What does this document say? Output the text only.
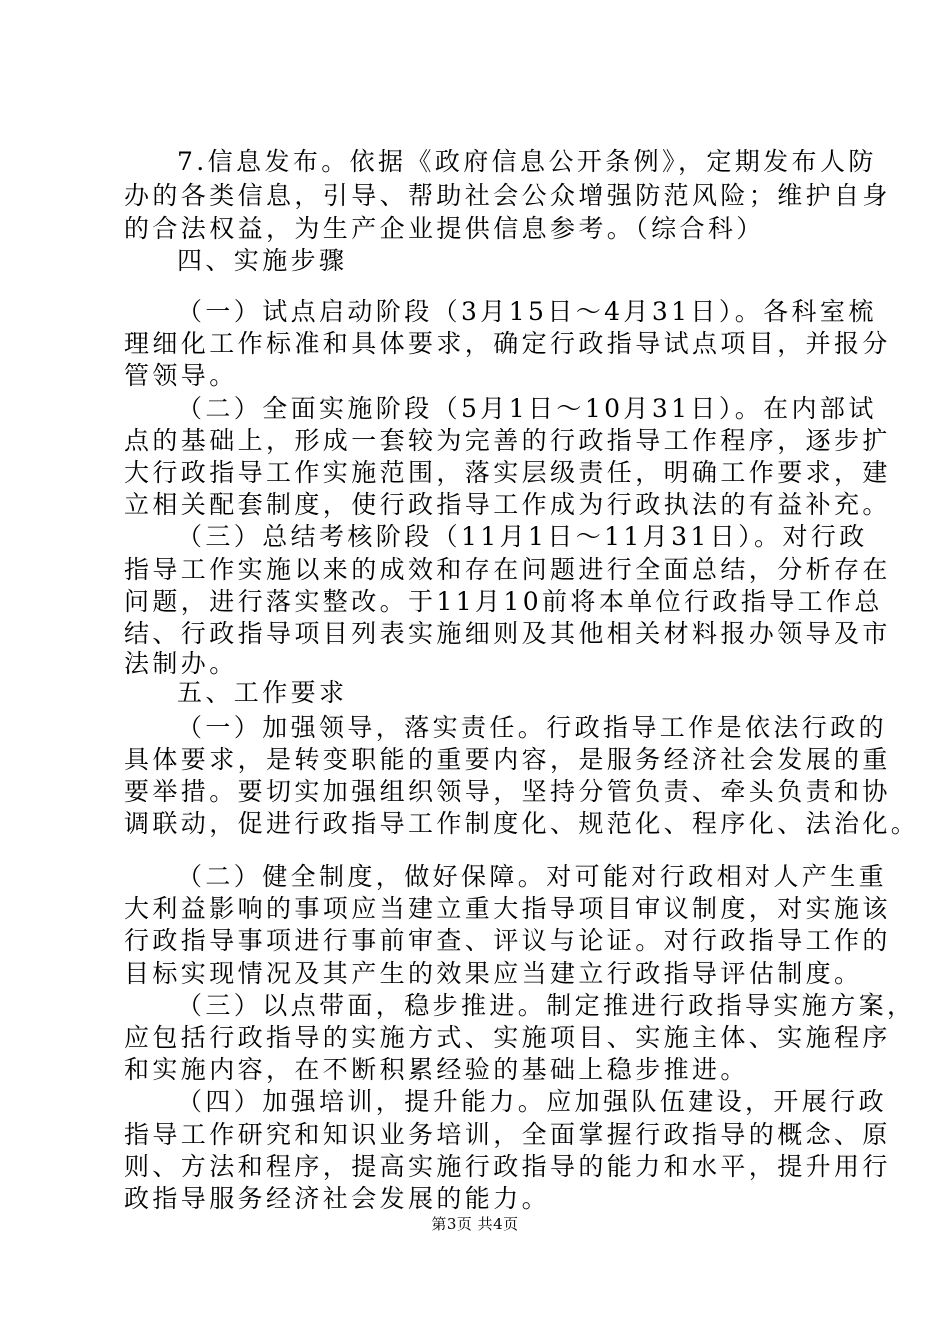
7.信息发布。依据《政府信息公开条例》，定期发布人防
办的各类信息，引导、帮助社会公众增强防范风险；维护自身
的合法权益，为生产企业提供信息参考。（综合科）
四、实施步骤
（一）试点启动阶段（3月15日～4月31日）。各科室梳
理细化工作标准和具体要求，确定行政指导试点项目，并报分
管领导。
（二）全面实施阶段（5月1日～10月31日）。在内部试
点的基础上，形成一套较为完善的行政指导工作程序，逐步扩
大行政指导工作实施范围，落实层级责任，明确工作要求，建
立相关配套制度，使行政指导工作成为行政执法的有益补充。
（三）总结考核阶段（11月1日～11月31日）。对行政
指导工作实施以来的成效和存在问题进行全面总结，分析存在
问题，进行落实整改。于11月10前将本单位行政指导工作总
结、行政指导项目列表实施细则及其他相关材料报办领导及市
法制办。
五、工作要求
（一）加强领导，落实责任。行政指导工作是依法行政的
具体要求，是转变职能的重要内容，是服务经济社会发展的重
要举措。要切实加强组织领导，坚持分管负责、牵头负责和协
调联动，促进行政指导工作制度化、规范化、程序化、法治化。
（二）健全制度，做好保障。对可能对行政相对人产生重
大利益影响的事项应当建立重大指导项目审议制度，对实施该
行政指导事项进行事前审查、评议与论证。对行政指导工作的
目标实现情况及其产生的效果应当建立行政指导评估制度。
（三）以点带面，稳步推进。制定推进行政指导实施方案，
应包括行政指导的实施方式、实施项目、实施主体、实施程序
和实施内容，在不断积累经验的基础上稳步推进。
（四）加强培训，提升能力。应加强队伍建设，开展行政
指导工作研究和知识业务培训，全面掌握行政指导的概念、原
则、方法和程序，提高实施行政指导的能力和水平，提升用行
政指导服务经济社会发展的能力。
第3页 共4页
